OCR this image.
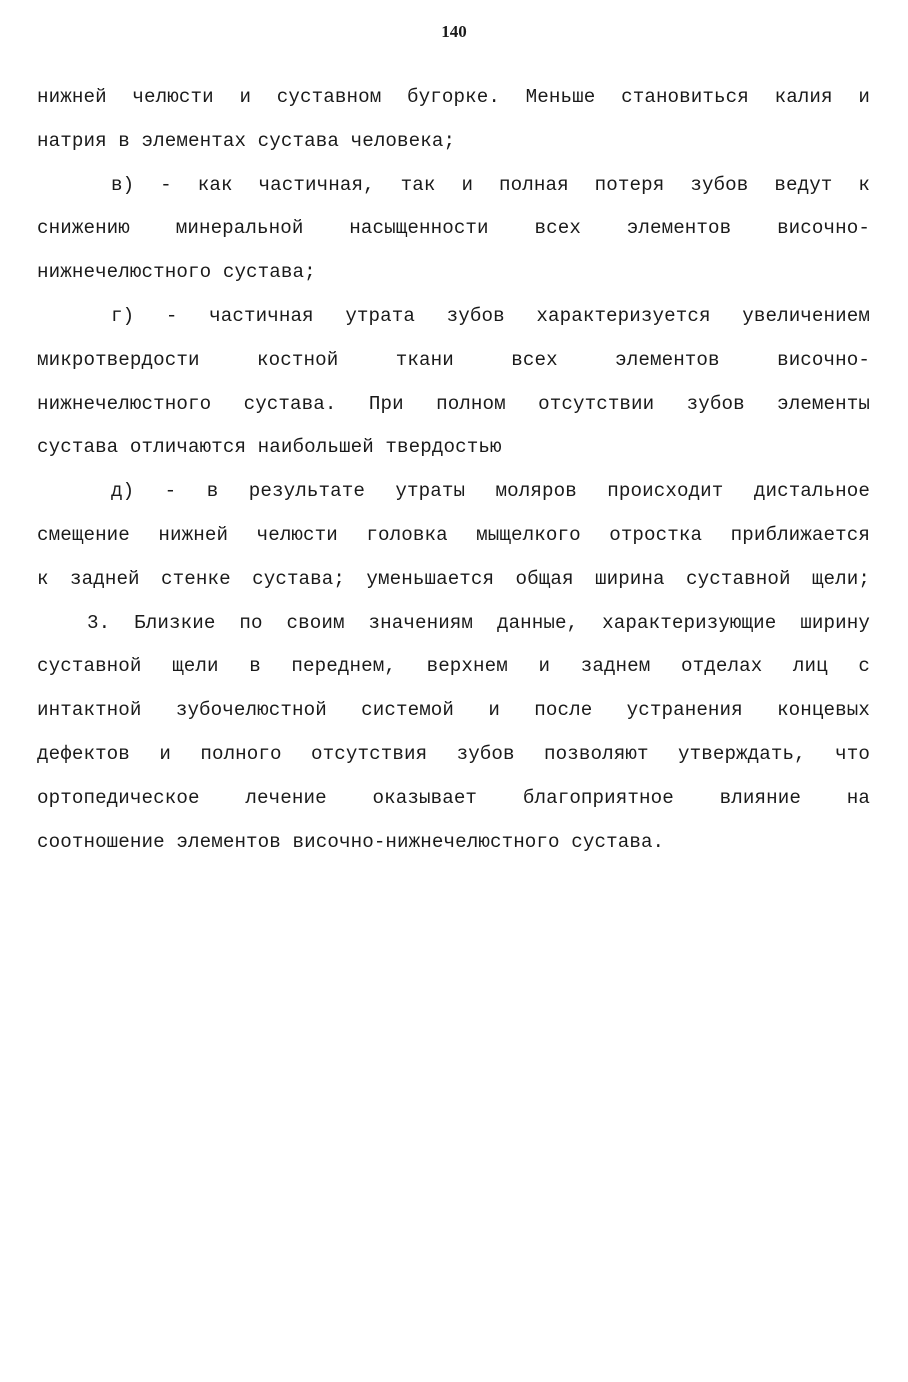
140
нижней челюсти и суставном бугорке. Меньше становиться калия и
натрия в элементах сустава человека;
в) - как частичная, так и полная потеря зубов ведут к
снижению минеральной насыщенности всех элементов височно-
нижнечелюстного сустава;
г) - частичная утрата зубов характеризуется увеличением
микротвердости костной ткани всех элементов височно-
нижнечелюстного сустава. При полном отсутствии зубов элементы
сустава отличаются наибольшей твердостью
д) - в результате утраты моляров происходит дистальное
смещение нижней челюсти головка мыщелкого отростка приближается
к задней стенке сустава; уменьшается общая ширина суставной щели;
3. Близкие по своим значениям данные, характеризующие ширину
суставной щели в переднем, верхнем и заднем отделах лиц с
интактной зубочелюстной системой и после устранения концевых
дефектов и полного отсутствия зубов позволяют утверждать, что
ортопедическое лечение оказывает благоприятное влияние на
соотношение элементов височно-нижнечелюстного сустава.
